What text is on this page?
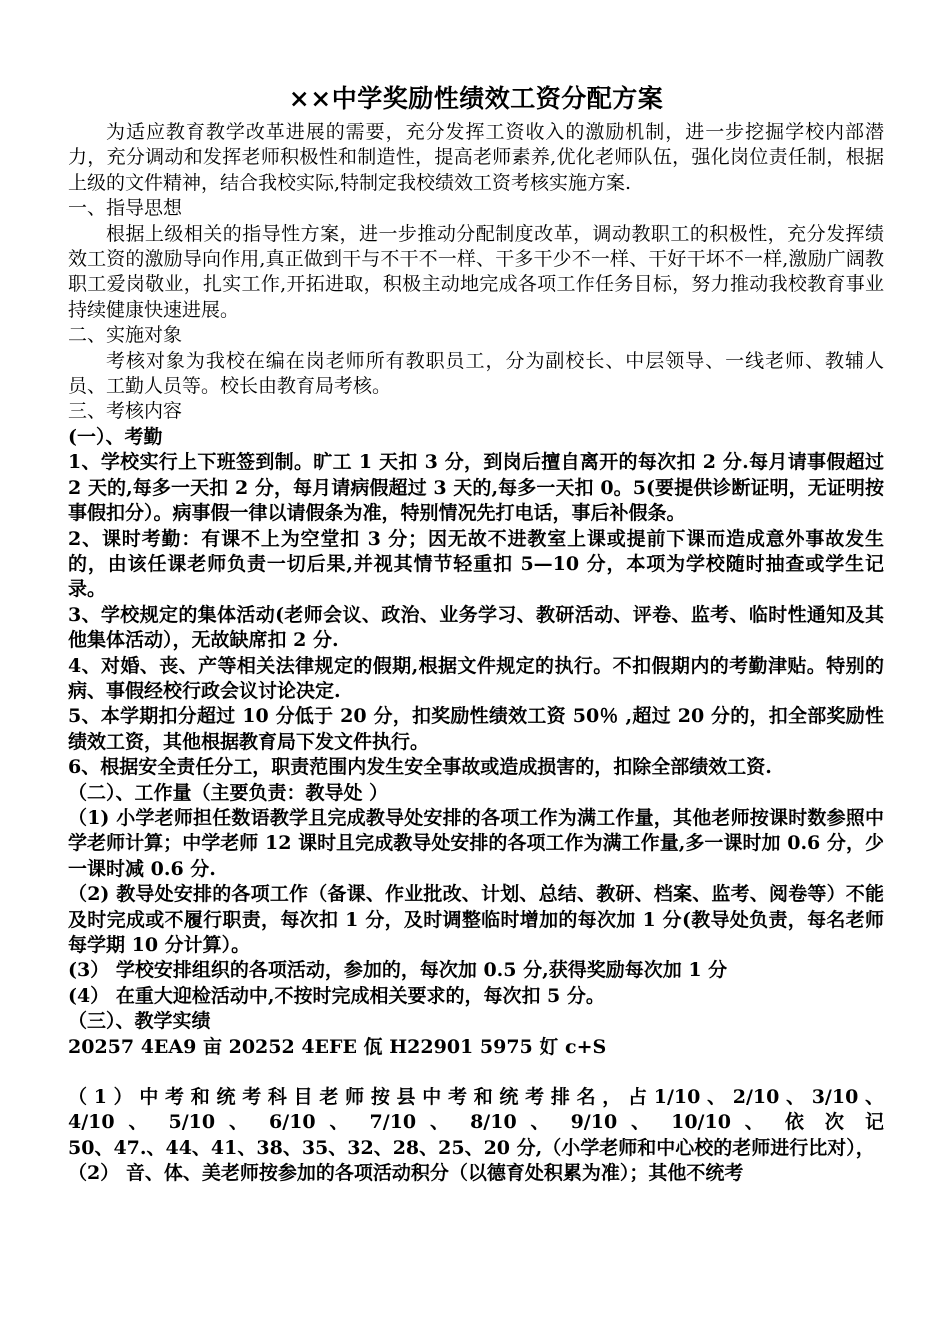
××中学奖励性绩效工资分配方案

为适应教育教学改革进展的需要，充分发挥工资收入的激励机制，进一步挖掘学校内部潜力，充分调动和发挥老师积极性和制造性，提高老师素养,优化老师队伍，强化岗位责任制，根据上级的文件精神，结合我校实际,特制定我校绩效工资考核实施方案.

一、指导思想

根据上级相关的指导性方案，进一步推动分配制度改革，调动教职工的积极性，充分发挥绩效工资的激励导向作用,真正做到干与不干不一样、干多干少不一样、干好干坏不一样,激励广阔教职工爱岗敬业，扎实工作,开拓进取，积极主动地完成各项工作任务目标，努力推动我校教育事业持续健康快速进展。

二、实施对象

考核对象为我校在编在岗老师所有教职员工，分为副校长、中层领导、一线老师、教辅人员、工勤人员等。校长由教育局考核。

三、考核内容

(一）、考勤

1、学校实行上下班签到制。旷工 1 天扣 3 分，到岗后擅自离开的每次扣 2 分.每月请事假超过 2 天的,每多一天扣 2 分，每月请病假超过 3 天的,每多一天扣 0。5(要提供诊断证明，无证明按事假扣分）。病事假一律以请假条为准，特别情况先打电话，事后补假条。

2、课时考勤：有课不上为空堂扣 3 分；因无故不进教室上课或提前下课而造成意外事故发生的，由该任课老师负责一切后果,并视其情节轻重扣 5—10 分，本项为学校随时抽查或学生记录。

3、学校规定的集体活动(老师会议、政治、业务学习、教研活动、评卷、监考、临时性通知及其他集体活动），无故缺席扣 2 分.

4、对婚、丧、产等相关法律规定的假期,根据文件规定的执行。不扣假期内的考勤津贴。特别的病、事假经校行政会议讨论决定.

5、本学期扣分超过 10 分低于 20 分，扣奖励性绩效工资 50％ ,超过 20 分的，扣全部奖励性绩效工资，其他根据教育局下发文件执行。

6、根据安全责任分工，职责范围内发生安全事故或造成损害的，扣除全部绩效工资.

（二）、工作量（主要负责：教导处 ）

（1) 小学老师担任数语教学且完成教导处安排的各项工作为满工作量，其他老师按课时数参照中学老师计算；中学老师 12 课时且完成教导处安排的各项工作为满工作量,多一课时加 0.6 分，少一课时减 0.6 分.

（2) 教导处安排的各项工作（备课、作业批改、计划、总结、教研、档案、监考、阅卷等）不能及时完成或不履行职责，每次扣 1 分，及时调整临时增加的每次加 1 分(教导处负责，每名老师每学期 10 分计算）。

(3） 学校安排组织的各项活动，参加的，每次加 0.5 分,获得奖励每次加 1 分

(4） 在重大迎检活动中,不按时完成相关要求的，每次扣 5 分。

（三）、教学实绩

20257 4EA9 亩 20252 4EFE 佤 H22901 5975 奵 c+S

（ 1 ） 中 考 和 统 考 科 目 老 师 按 县 中 考 和 统 考 排 名 ， 占 1/10 、 2/10 、 3/10 、 4/10 、 5/10 、 6/10 、 7/10 、 8/10 、 9/10 、 10/10 、 依 次 记

50、47.、44、41、38、35、32、28、25、20 分,（小学老师和中心校的老师进行比对），

（2） 音、体、美老师按参加的各项活动积分（以德育处积累为准）；其他不统考
